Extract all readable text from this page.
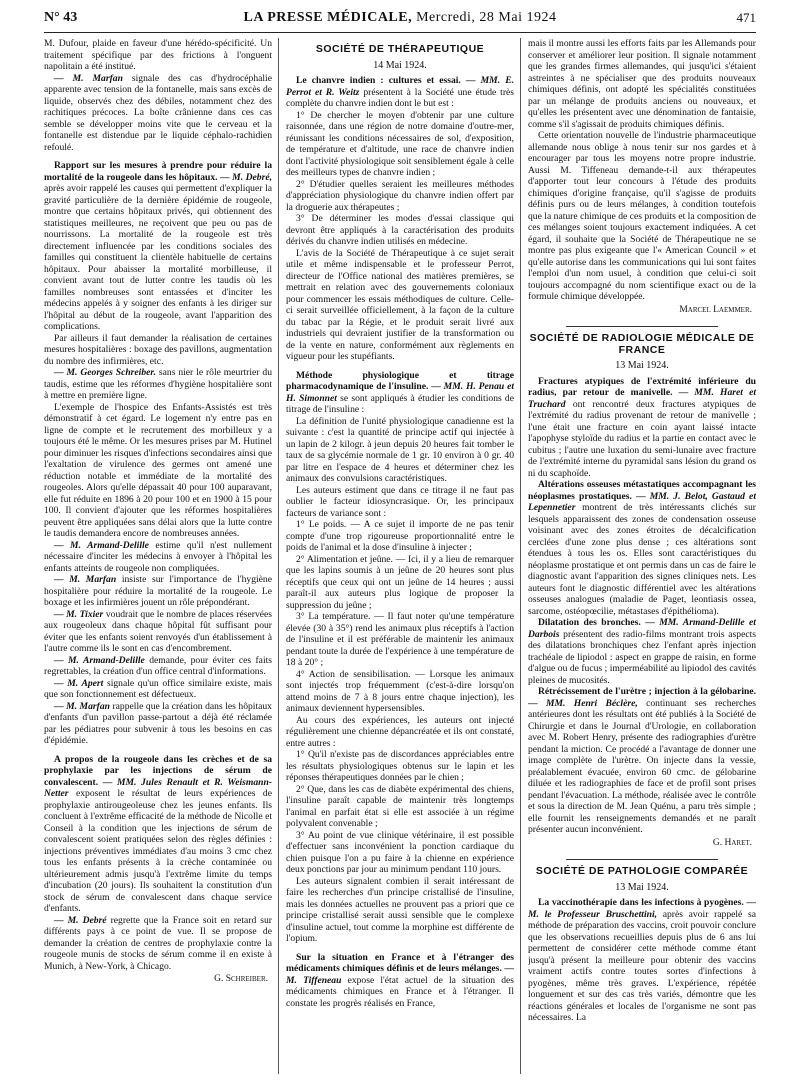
N° 43	LA PRESSE MÉDICALE, Mercredi, 28 Mai 1924	471

M. Dufour, plaide en faveur d'une hérédo-spécificité. Un traitement spécifique par des frictions à l'onguent napolitain a été institué.

— M. Marfan signale des cas d'hydrocéphalie apparente avec tension de la fontanelle, mais sans excès de liquide, observés chez des débiles, notamment chez des rachitiques précoces. La boîte crânienne dans ces cas semble se développer moins vite que le cerveau et la fontanelle est distendue par le liquide céphalo-rachidien refoulé.

Rapport sur les mesures à prendre pour réduire la mortalité de la rougeole dans les hôpitaux. — M. Debré, après avoir rappelé les causes qui permettent d'expliquer la gravité particulière de la dernière épidémie de rougeole, montre que certains hôpitaux privés, qui obtiennent des statistiques meilleures, ne reçoivent que peu ou pas de nourrissons. La mortalité de la rougeole est très directement influencée par les conditions sociales des familles qui constituent la clientèle habituelle de certains hôpitaux. Pour abaisser la mortalité morbilleuse, il convient avant tout de lutter contre les taudis où les familles nombreuses sont entassées et d'inciter les médecins appelés à y soigner des enfants à les diriger sur l'hôpital au début de la rougeole, avant l'apparition des complications.

Par ailleurs il faut demander la réalisation de certaines mesures hospitalières : boxage des pavillons, augmentation du nombre des infirmières, etc.

— M. Georges Schreiber. sans nier le rôle meurtrier du taudis, estime que les réformes d'hygiène hospitalière sont à mettre en première ligne.

L'exemple de l'hospice des Enfants-Assistés est très démonstratif à cet égard. Le logement n'y entre pas en ligne de compte et le recrutement des morbilleux y a toujours été le même. Or les mesures prises par M. Hutinel pour diminuer les risques d'infections secondaires ainsi que l'exaltation de virulence des germes ont amené une réduction notable et immédiate de la mortalité des rougeoles. Alors qu'elle dépassait 40 pour 100 auparavant, elle fut réduite en 1896 à 20 pour 100 et en 1900 à 15 pour 100. Il convient d'ajouter que les réformes hospitalières peuvent être appliquées sans délai alors que la lutte contre le taudis demandera encore de nombreuses années.

— M. Armand-Delille estime qu'il n'est nullement nécessaire d'inciter les médecins à envoyer à l'hôpital les enfants atteints de rougeole non compliquées.

— M. Marfan insiste sur l'importance de l'hygiène hospitalière pour réduire la mortalité de la rougeole. Le boxage et les infirmières jouent un rôle prépondérant.

— M. Tixier voudrait que le nombre de places réservées aux rougeoleux dans chaque hôpital fût suffisant pour éviter que les enfants soient renvoyés d'un établissement à l'autre comme ils le sont en cas d'encombrement.

— M. Armand-Delille demande, pour éviter ces faits regrettables, la création d'un office central d'informations.

— M. Apert signale qu'un office similaire existe, mais que son fonctionnement est défectueux.

— M. Marfan rappelle que la création dans les hôpitaux d'enfants d'un pavillon passe-partout a déjà été réclamée par les pédiatres pour subvenir à tous les besoins en cas d'épidémie.

A propos de la rougeole dans les crèches et de sa prophylaxie par les injections de sérum de convalescent. — MM. Jules Renault et R. Weismann-Netter exposent le résultat de leurs expériences de prophylaxie antirougeoleuse chez les jeunes enfants. Ils concluent à l'extrême efficacité de la méthode de Nicolle et Conseil à la condition que les injections de sérum de convalescent soient pratiquées selon des règles définies : injections préventives immédiates d'au moins 3 cmc chez tous les enfants présents à la crèche contaminée ou ultérieurement admis jusqu'à l'extrême limite du temps d'incubation (20 jours). Ils souhaitent la constitution d'un stock de sérum de convalescent dans chaque service d'enfants.

— M. Debré regrette que la France soit en retard sur différents pays à ce point de vue. Il se propose de demander la création de centres de prophylaxie contre la rougeole munis de stocks de sérum comme il en existe à Munich, à New-York, à Chicago.

G. Schreiber.

SOCIÉTÉ DE THÉRAPEUTIQUE

14 Mai 1924.

Le chanvre indien : cultures et essai. — MM. E. Perrot et R. Weitz présentent à la Société une étude très complète du chanvre indien dont le but est :

1° De chercher le moyen d'obtenir par une culture raisonnée, dans une région de notre domaine d'outre-mer, réunissant les conditions nécessaires de sol, d'exposition, de température et d'altitude, une race de chanvre indien dont l'activité physiologique soit sensiblement égale à celle des meilleurs types de chanvre indien ;

2° D'étudier quelles seraient les meilleures méthodes d'appréciation physiologique du chanvre indien offert par la droguerie aux thérapeutes ;

3° De déterminer les modes d'essai classique qui devront être appliqués à la caractérisation des produits dérivés du chanvre indien utilisés en médecine.

L'avis de la Société de Thérapeutique à ce sujet serait utile et même indispensable et le professeur Perrot, directeur de l'Office national des matières premières, se mettrait en relation avec des gouvernements coloniaux pour commencer les essais méthodiques de culture. Celle-ci serait surveillée officiellement, à la façon de la culture du tabac par la Régie, et le produit serait livré aux industriels qui devraient justifier de la transformation ou de la vente en nature, conformément aux règlements en vigueur pour les stupéfiants.

Méthode physiologique et titrage pharmacodynamique de l'insuline. — MM. H. Penau et H. Simonnet se sont appliqués à étudier les conditions de titrage de l'insuline :

La définition de l'unité physiologique canadienne est la suivante : c'est la quantité de principe actif qui injectée à un lapin de 2 kilogr. à jeun depuis 20 heures fait tomber le taux de sa glycémie normale de 1 gr. 10 environ à 0 gr. 40 par litre en l'espace de 4 heures et déterminer chez les animaux des convulsions caractéristiques.

Les auteurs estiment que dans ce titrage il ne faut pas oublier le facteur idiosyncrasique. Or, les principaux facteurs de variance sont :

1° Le poids. — A ce sujet il importe de ne pas tenir compte d'une trop rigoureuse proportionnalité entre le poids de l'animal et la dose d'insuline à injecter ;

2° Alimentation et jeûne. — Ici, il y a lieu de remarquer que les lapins soumis à un jeûne de 20 heures sont plus réceptifs que ceux qui ont un jeûne de 14 heures ; aussi paraît-il aux auteurs plus logique de proposer la suppression du jeûne ;

3° La température. — Il faut noter qu'une température élevée (30 à 35°) rend les animaux plus réceptifs à l'action de l'insuline et il est préférable de maintenir les animaux pendant toute la durée de l'expérience à une température de 18 à 20° ;

4° Action de sensibilisation. — Lorsque les animaux sont injectés trop fréquemment (c'est-à-dire lorsqu'on attend moins de 7 à 8 jours entre chaque injection), les animaux deviennent hypersensibles.

Au cours des expériences, les auteurs ont injecté régulièrement une chienne dépancréatée et ils ont constaté, entre autres :

1° Qu'il n'existe pas de discordances appréciables entre les résultats physiologiques obtenus sur le lapin et les réponses thérapeutiques données par le chien ;

2° Que, dans les cas de diabète expérimental des chiens, l'insuline paraît capable de maintenir très longtemps l'animal en parfait état si elle est associée à un régime polyvalent convenable ;

3° Au point de vue clinique vétérinaire, il est possible d'effectuer sans inconvénient la ponction cardiaque du chien puisque l'on a pu faire à la chienne en expérience deux ponctions par jour au minimum pendant 110 jours.

Les auteurs signalent combien il serait intéressant de faire les recherches d'un principe cristallisé de l'insuline, mais les données actuelles ne prouvent pas a priori que ce principe cristallisé serait aussi sensible que le complexe d'insuline actuel, tout comme la morphine est différente de l'opium.

Sur la situation en France et à l'étranger des médicaments chimiques définis et de leurs mélanges. — M. Tiffeneau expose l'état actuel de la situation des médicaments chimiques en France et à l'étranger. Il constate les progrès réalisés en France,

mais il montre aussi les efforts faits par les Allemands pour conserver et améliorer leur position. Il signale notamment que les grandes firmes allemandes, qui jusqu'ici s'étaient astreintes à ne spécialiser que des produits nouveaux chimiques définis, ont adopté les spécialités constituées par un mélange de produits anciens ou nouveaux, et qu'elles les présentent avec une dénomination de fantaisie, comme s'il s'agissait de produits chimiques définis.

Cette orientation nouvelle de l'industrie pharmaceutique allemande nous oblige à nous tenir sur nos gardes et à encourager par tous les moyens notre propre industrie. Aussi M. Tiffeneau demande-t-il aux thérapeutes d'apporter tout leur concours à l'étude des produits chimiques d'origine française, qu'il s'agisse de produits définis purs ou de leurs mélanges, à condition toutefois que la nature chimique de ces produits et la composition de ces mélanges soient toujours exactement indiquées. A cet égard, il souhaite que la Société de Thérapeutique ne se montre pas plus exigeante que l'« American Council » et qu'elle autorise dans les communications qui lui sont faites l'emploi d'un nom usuel, à condition que celui-ci soit toujours accompagné du nom scientifique exact ou de la formule chimique développée.

Marcel Laemmer.

SOCIÉTÉ DE RADIOLOGIE MÉDICALE DE FRANCE

13 Mai 1924.

Fractures atypiques de l'extrémité inférieure du radius, par retour de manivelle. — MM. Haret et Truchard ont rencontré deux fractures atypiques de l'extrémité du radius provenant de retour de manivelle ; l'une était une fracture en coin ayant laissé intacte l'apophyse styloïde du radius et la partie en contact avec le cubitus ; l'autre une luxation du semi-lunaire avec fracture de l'extrémité interne du pyramidal sans lésion du grand os ni du scaphoïde.

Altérations osseuses métastatiques accompagnant les néoplasmes prostatiques. — MM. J. Belot, Gastaud et Lepennetier montrent de très intéressants clichés sur lesquels apparaissent des zones de condensation osseuse voisinant avec des zones étroites de décalcification cerclées d'une zone plus dense ; ces altérations sont étendues à tous les os. Elles sont caractéristiques du néoplasme prostatique et ont permis dans un cas de faire le diagnostic avant l'apparition des signes cliniques nets. Les auteurs font le diagnostic différentiel avec les altérations osseuses analogues (maladie de Paget, leontiasis ossea, sarcome, ostéopœcilie, métastases d'épithélioma).

Dilatation des bronches. — MM. Armand-Delille et Darbois présentent des radio-films montrant trois aspects des dilatations bronchiques chez l'enfant après injection trachéale de lipiodol : aspect en grappe de raisin, en forme d'algue ou de fucus ; imperméabilité au lipiodol des cavités pleines de mucosités.

Rétrécissement de l'urètre ; injection à la gélobarine. — MM. Henri Béclère, continuant ses recherches antérieures dont les résultats ont été publiés à la Société de Chirurgie et dans le Journal d'Urologie, en collaboration avec M. Robert Henry, présente des radiographies d'urètre pendant la miction. Ce procédé a l'avantage de donner une image complète de l'urètre. On injecte dans la vessie, préalablement évacuée, environ 60 cmc. de gélobarine diluée et les radiographies de face et de profil sont prises pendant l'évacuation. La méthode, réalisée avec le contrôle et sous la direction de M. Jean Quénu, a paru très simple ; elle fournit les renseignements demandés et ne paraît présenter aucun inconvénient.

G. Haret.

SOCIÉTÉ DE PATHOLOGIE COMPARÉE

13 Mai 1924.

La vaccinothérapie dans les infections à pyogènes. — M. le Professeur Bruschettini, après avoir rappelé sa méthode de préparation des vaccins, croit pouvoir conclure que les observations recueillies depuis plus de 6 ans lui permettent de considérer cette méthode comme étant jusqu'à présent la meilleure pour obtenir des vaccins vraiment actifs contre toutes sortes d'infections à pyogènes, même très graves. L'expérience, répétée longuement et sur des cas très variés, démontre que les réactions générales et locales de l'organisme ne sont pas nécessaires. La
